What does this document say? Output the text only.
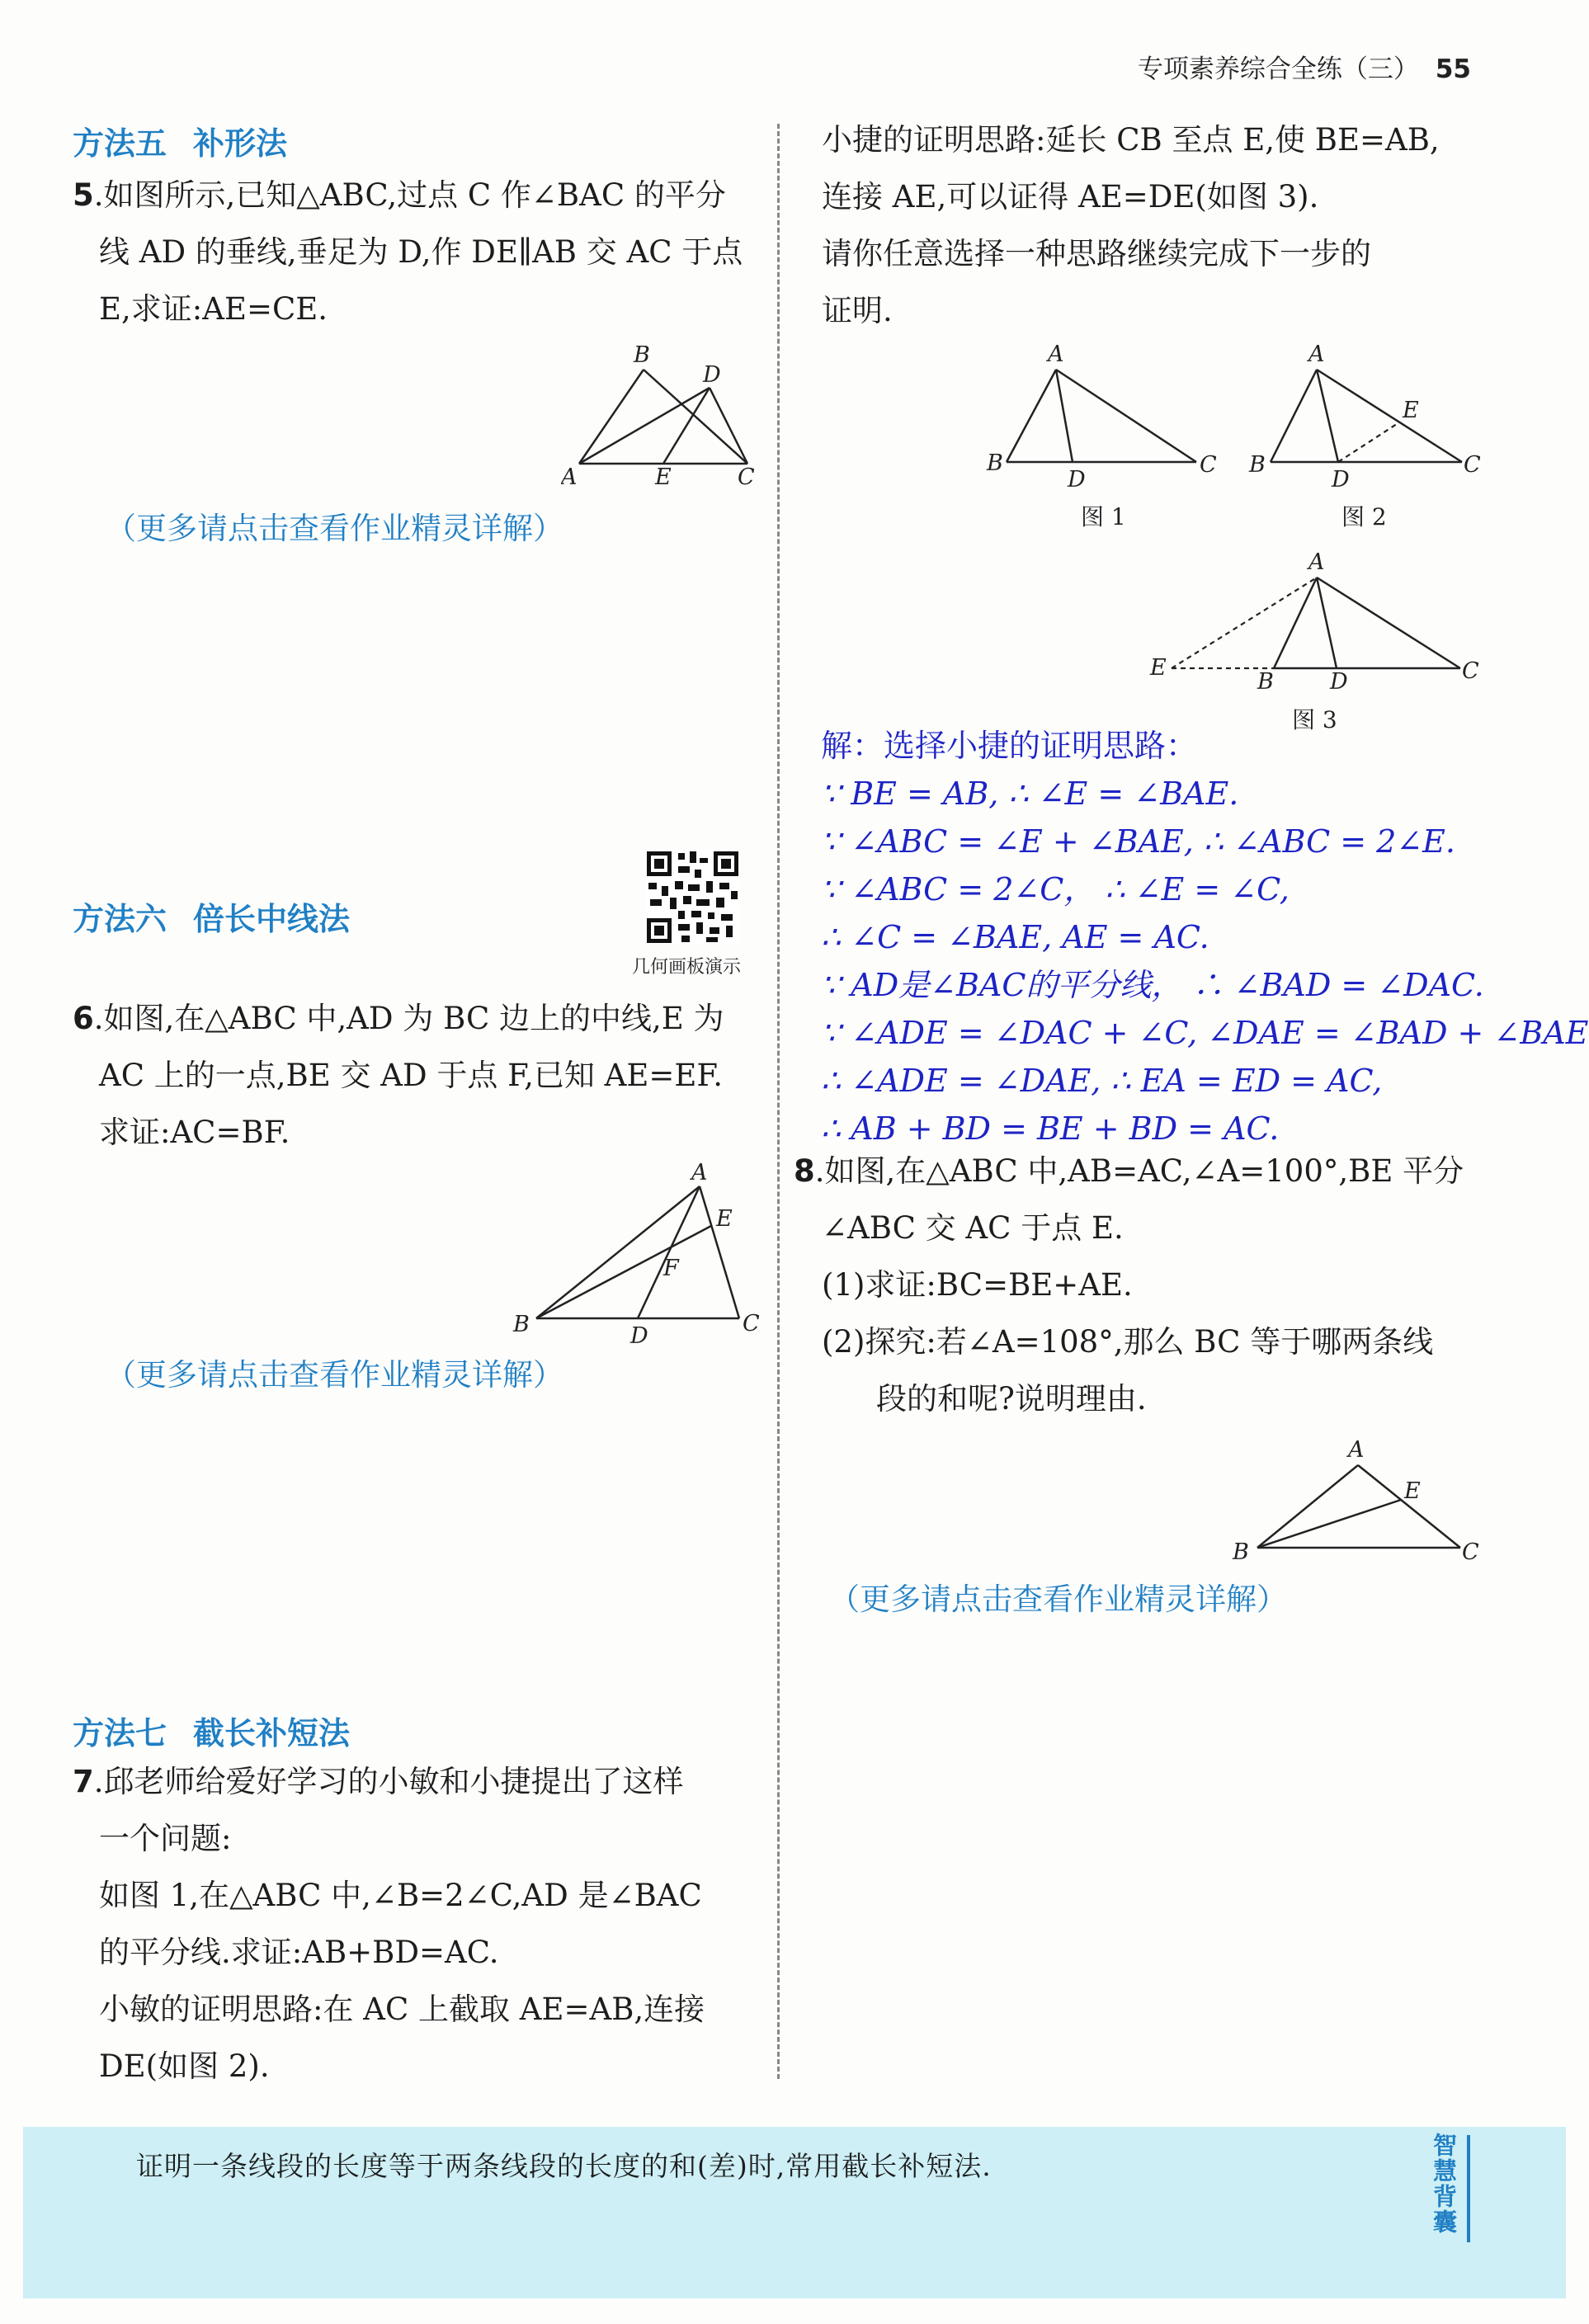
专项素养综合全练（三） 55
方法五 补形法
5.如图所示,已知△ABC,过点 C 作∠BAC 的平分
线 AD 的垂线,垂足为 D,作 DE∥AB 交 AC 于点
E,求证:AE=CE.
A
B
C
D
E
（更多请点击查看作业精灵详解）
方法六 倍长中线法
几何画板演示
6.如图,在△ABC 中,AD 为 BC 边上的中线,E 为
AC 上的一点,BE 交 AD 于点 F,已知 AE=EF.
求证:AC=BF.
B
A
C
D
E
F
（更多请点击查看作业精灵详解）
方法七 截长补短法
7.邱老师给爱好学习的小敏和小捷提出了这样
一个问题:
如图 1,在△ABC 中,∠B=2∠C,AD 是∠BAC
的平分线.求证:AB+BD=AC.
小敏的证明思路:在 AC 上截取 AE=AB,连接
DE(如图 2).
小捷的证明思路:延长 CB 至点 E,使 BE=AB,
连接 AE,可以证得 AE=DE(如图 3).
请你任意选择一种思路继续完成下一步的
证明.
A
B	C
D
图 1
A
B	C
D
E
图 2
A
E
B	D	C
图 3
解：选择小捷的证明思路：
∵ BE = AB, ∴ ∠E = ∠BAE.
∵ ∠ABC = ∠E + ∠BAE, ∴ ∠ABC = 2∠E.
∵ ∠ABC = 2∠C， ∴ ∠E = ∠C,
∴ ∠C = ∠BAE, AE = AC.
∵ AD是∠BAC的平分线， ∴ ∠BAD = ∠DAC.
∵ ∠ADE = ∠DAC + ∠C, ∠DAE = ∠BAD + ∠BAE
∴ ∠ADE = ∠DAE, ∴ EA = ED = AC,
∴ AB + BD = BE + BD = AC.
8.如图,在△ABC 中,AB=AC,∠A=100°,BE 平分
∠ABC 交 AC 于点 E.
(1)求证:BC=BE+AE.
(2)探究:若∠A=108°,那么 BC 等于哪两条线
段的和呢?说明理由.
A
B	C
E
（更多请点击查看作业精灵详解）
证明一条线段的长度等于两条线段的长度的和(差)时,常用截长补短法.	智慧背囊
